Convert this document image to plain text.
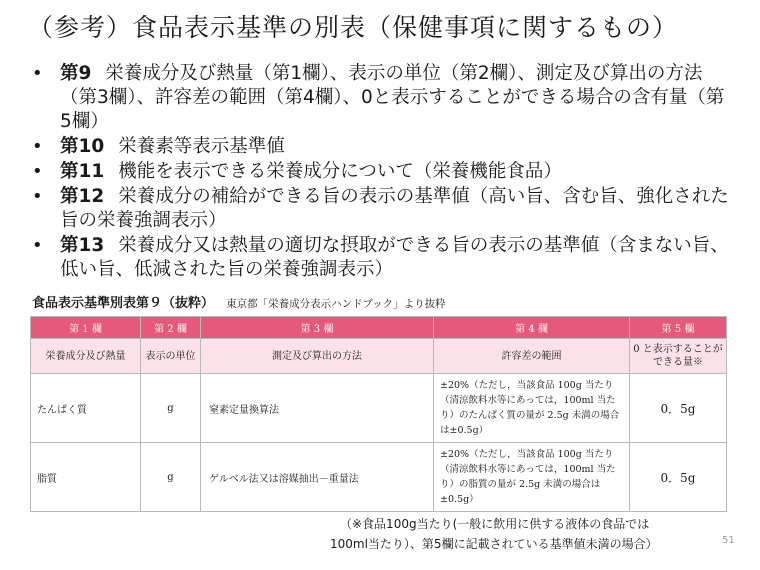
（参考）食品表示基準の別表（保健事項に関するもの）
• 第9 栄養成分及び熱量（第1欄）、表示の単位（第2欄）、測定及び算出の方法（第3欄）、許容差の範囲（第4欄）、0と表示することができる場合の含有量（第5欄）
• 第10 栄養素等表示基準値
• 第11 機能を表示できる栄養成分について（栄養機能食品）
• 第12 栄養成分の補給ができる旨の表示の基準値（高い旨、含む旨、強化された旨の栄養強調表示）
• 第13 栄養成分又は熱量の適切な摂取ができる旨の表示の基準値（含まない旨、低い旨、低減された旨の栄養強調表示）
食品表示基準別表第９（抜粋） 東京都「栄養成分表示ハンドブック」より抜粋
第 1 欄	第 2 欄	第 3 欄	第 4 欄	第 5 欄
栄養成分及び熱量	表示の単位	測定及び算出の方法	許容差の範囲	0 と表示することができる量※
たんぱく質	g	窒素定量換算法	±20%（ただし，当該食品 100g 当たり（清涼飲料水等にあっては，100ml 当たり）のたんぱく質の量が 2.5g 未満の場合は±0.5g）	0．5g
脂質	g	ゲルベル法又は溶媒抽出－重量法	±20%（ただし，当該食品 100g 当たり（清涼飲料水等にあっては，100ml 当たり）の脂質の量が 2.5g 未満の場合は±0.5g）	0．5g
（※食品100g当たり(一般に飲用に供する液体の食品では
100ml当たり）、第5欄に記載されている基準値未満の場合）	51
